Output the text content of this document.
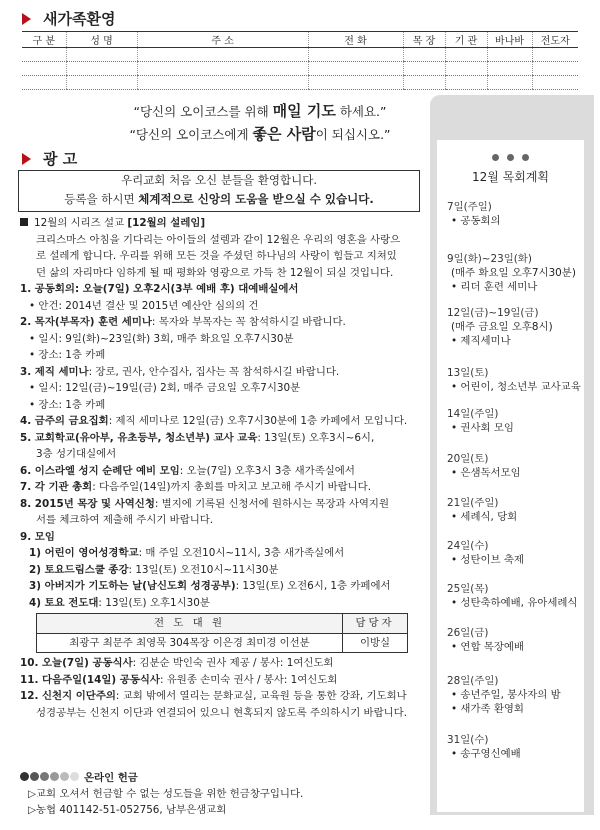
새가족환영
구 분	성 명	주 소	전 화	목 장	기 관	바나바	전도자

“당신의 오이코스를 위해 매일 기도 하세요.”
“당신의 오이코스에게 좋은 사람이 되십시오.”
광 고
우리교회 처음 오신 분들을 환영합니다.
등록을 하시면 체계적으로 신앙의 도움을 받으실 수 있습니다.
12월의 시리즈 설교 [12월의 설레임]
크리스마스 아침을 기다리는 아이들의 설렘과 같이 12월은 우리의 영혼을 사랑으
로 설레게 합니다. 우리를 위해 모든 것을 주셨던 하나님의 사랑이 힘들고 지쳐있
던 삶의 자리마다 임하게 될 때 평화와 영광으로 가득 찬 12월이 되실 것입니다.
1. 공동회의: 오늘(7일) 오후2시(3부 예배 후) 대예배실에서
• 안건: 2014년 결산 및 2015년 예산안 심의의 건
2. 목자(부목자) 훈련 세미나: 목자와 부목자는 꼭 참석하시길 바랍니다.
• 일시: 9일(화)~23일(화) 3회, 매주 화요일 오후7시30분
• 장소: 1층 카페
3. 제직 세미나: 장로, 권사, 안수집사, 집사는 꼭 참석하시길 바랍니다.
• 일시: 12일(금)~19일(금) 2회, 매주 금요일 오후7시30분
• 장소: 1층 카페
4. 금주의 금요집회: 제직 세미나로 12일(금) 오후7시30분에 1층 카페에서 모입니다.
5. 교회학교(유아부, 유초등부, 청소년부) 교사 교육: 13일(토) 오후3시~6시,
3층 성기대실에서
6. 이스라엘 성지 순례단 예비 모임: 오늘(7일) 오후3시 3층 새가족실에서
7. 각 기관 총회: 다음주일(14일)까지 총회를 마치고 보고해 주시기 바랍니다.
8. 2015년 목장 및 사역신청: 별지에 기록된 신청서에 원하시는 목장과 사역지원
서를 체크하여 제출해 주시기 바랍니다.
9. 모임
1) 어린이 영어성경학교: 매 주일 오전10시~11시, 3층 새가족실에서
2) 토요드림스쿨 종강: 13일(토) 오전10시~11시30분
3) 아버지가 기도하는 날(남신도회 성경공부): 13일(토) 오전6시, 1층 카페에서
4) 토요 전도대: 13일(토) 오후1시30분
전 도 대 원	담당자
최광구 최문주 최영묵 304목장 이은경 최미경 이선분	이방실
10. 오늘(7일) 공동식사: 김분순 박인숙 권사 제공 / 봉사: 1여신도회
11. 다음주일(14일) 공동식사: 유원종 손미숙 권사 / 봉사: 1여신도회
12. 신천지 이단주의: 교회 밖에서 열리는 문화교실, 교육원 등을 통한 강좌, 기도회나
성경공부는 신천지 이단과 연결되어 있으니 현혹되지 않도록 주의하시기 바랍니다.
온라인 헌금
▷교회 오셔서 헌금할 수 없는 성도들을 위한 헌금창구입니다.
▷농협 401142-51-052756, 남부은샘교회
12월 목회계획
7일(주일)
• 공동회의
9일(화)~23일(화)
(매주 화요일 오후7시30분)
• 리더 훈련 세미나
12일(금)~19일(금)
(매주 금요일 오후8시)
• 제직세미나
13일(토)
• 어린이, 청소년부 교사교육
14일(주일)
• 권사회 모임
20일(토)
• 은샘독서모임
21일(주일)
• 세례식, 당회
24일(수)
• 성탄이브 축제
25일(목)
• 성탄축하예배, 유아세례식
26일(금)
• 연합 목장예배
28일(주일)
• 송년주일, 봉사자의 밤
• 새가족 환영회
31일(수)
• 송구영신예배
